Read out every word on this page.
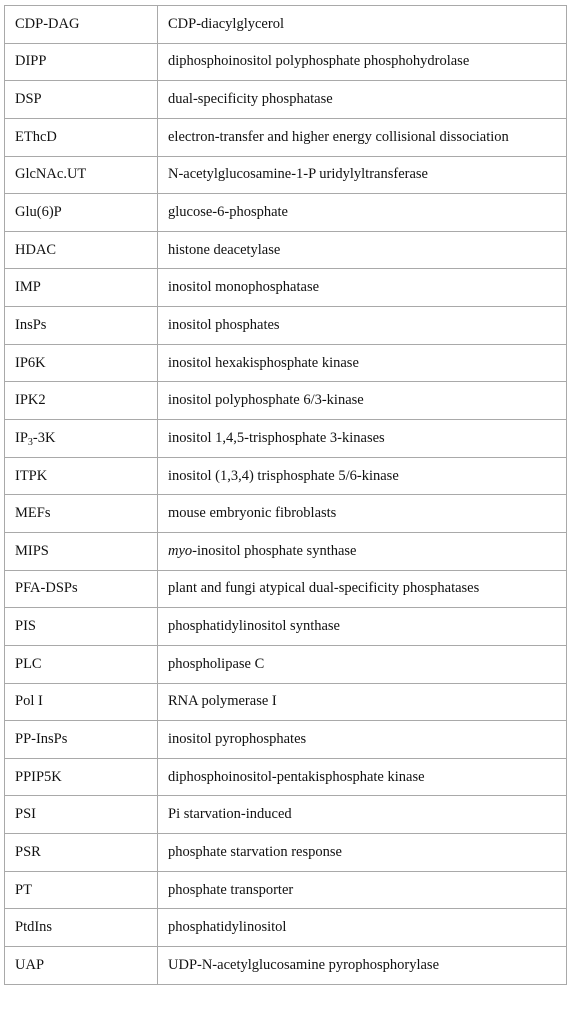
CDP-DAG	CDP-diacylglycerol
DIPP	diphosphoinositol polyphosphate phosphohydrolase
DSP	dual-specificity phosphatase
EThcD	electron-transfer and higher energy collisional dissociation
GlcNAc.UT	N-acetylglucosamine-1-P uridylyltransferase
Glu(6)P	glucose-6-phosphate
HDAC	histone deacetylase
IMP	inositol monophosphatase
InsPs	inositol phosphates
IP6K	inositol hexakisphosphate kinase
IPK2	inositol polyphosphate 6/3-kinase
$IP_3-3K$	inositol 1,4,5-trisphosphate 3-kinases
ITPK	inositol (1,3,4) trisphosphate 5/6-kinase
MEFs	mouse embryonic fibroblasts
MIPS	myo-inositol phosphate synthase
PFA-DSPs	plant and fungi atypical dual-specificity phosphatases
PIS	phosphatidylinositol synthase
PLC	phospholipase C
Pol I	RNA polymerase I
PP-InsPs	inositol pyrophosphates
PPIP5K	diphosphoinositol-pentakisphosphate kinase
PSI	Pi starvation-induced
PSR	phosphate starvation response
PT	phosphate transporter
PtdIns	phosphatidylinositol
UAP	UDP-N-acetylglucosamine pyrophosphorylase
